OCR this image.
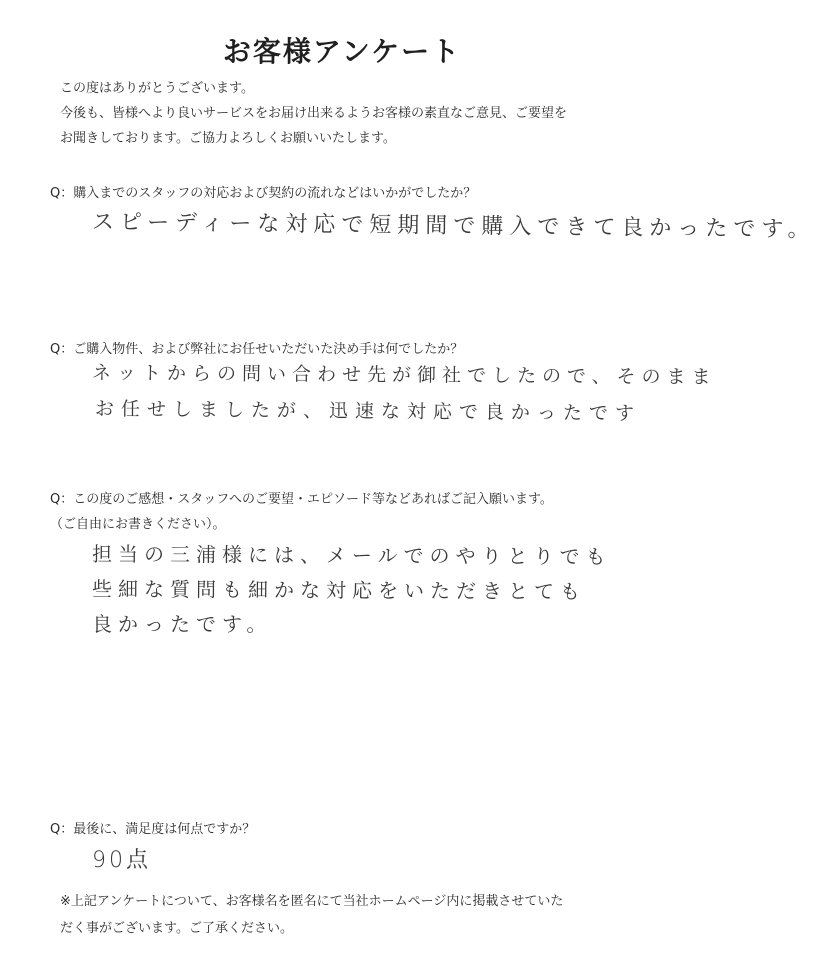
お客様アンケート

この度はありがとうございます。

今後も、皆様へより良いサービスをお届け出来るようお客様の素直なご意見、ご要望を

お聞きしております。ご協力よろしくお願いいたします。

Q：購入までのスタッフの対応および契約の流れなどはいかがでしたか？
スピーディーな対応で短期間で購入できて良かったです。
Q：ご購入物件、および弊社にお任せいただいた決め手は何でしたか？
ネットからの問い合わせ先が御社でしたので、そのまま
お任せしましたが、迅速な対応で良かったです
Q：この度のご感想・スタッフへのご要望・エピソード等などあればご記入願います。
（ご自由にお書きください）。
担当の三浦様には、メールでのやりとりでも
些細な質問も細かな対応をいただきとても
良かったです。
Q：最後に、満足度は何点ですか？
90点

※上記アンケートについて、お客様名を匿名にて当社ホームページ内に掲載させていた

だく事がございます。ご了承ください。
